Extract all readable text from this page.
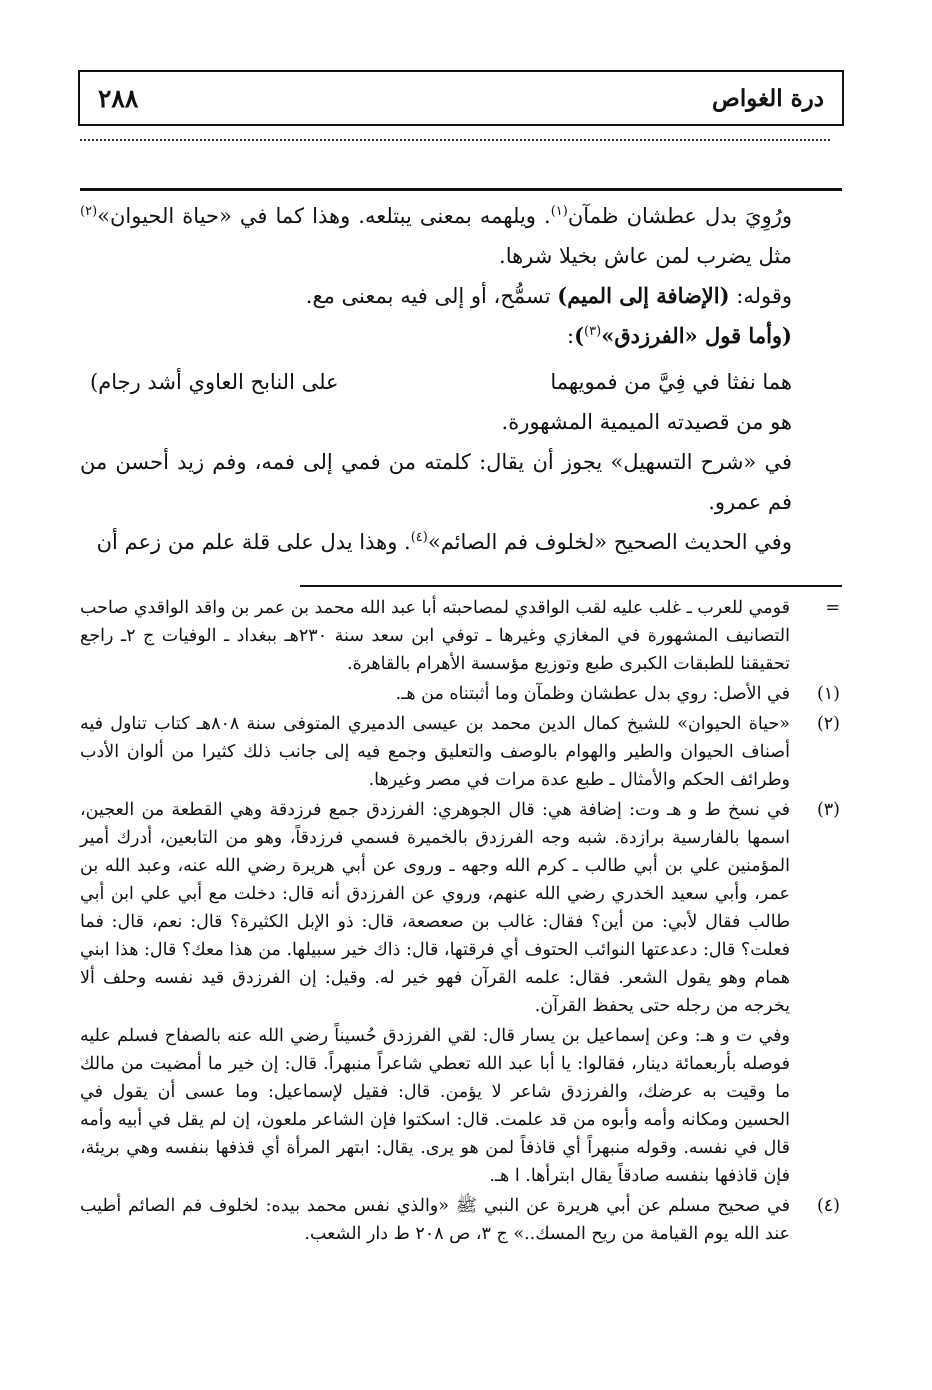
٢٨٨	درة الغواص

ورُوِيَ بدل عطشان ظمآن$^{(١)}$. ويلهمه بمعنى يبتلعه. وهذا كما في «حياة الحيوان»$^{(٢)}$ مثل يضرب لمن عاش بخيلا شرها.

وقوله: (الإضافة إلى الميم) تسمُّح، أو إلى فيه بمعنى مع.

(وأما قول «الفرزدق»$^{(٣)}$):

هما نفثا في فِيَّ من فمويهما
على النابح العاوي أشد رجام)

هو من قصيدته الميمية المشهورة.

في «شرح التسهيل» يجوز أن يقال: كلمته من فمي إلى فمه، وفم زيد أحسن من فم عمرو.

وفي الحديث الصحيح «لخلوف فم الصائم»$^{(٤)}$. وهذا يدل على قلة علم من زعم أن

=
قومي للعرب ـ غلب عليه لقب الواقدي لمصاحبته أبا عبد الله محمد بن عمر بن واقد الواقدي صاحب التصانيف المشهورة في المغازي وغيرها ـ توفي ابن سعد سنة ٢٣٠هـ ببغداد ـ الوفيات ج ٢ـ راجع تحقيقنا للطبقات الكبرى طبع وتوزيع مؤسسة الأهرام بالقاهرة.
(١)
في الأصل: روي بدل عطشان وظمآن وما أثبتناه من هـ.
(٢)
«حياة الحيوان» للشيخ كمال الدين محمد بن عيسى الدميري المتوفى سنة ٨٠٨هـ كتاب تناول فيه أصناف الحيوان والطير والهوام بالوصف والتعليق وجمع فيه إلى جانب ذلك كثيرا من ألوان الأدب وطرائف الحكم والأمثال ـ طبع عدة مرات في مصر وغيرها.
(٣)
في نسخ ط و هـ وت: إضافة هي: قال الجوهري: الفرزدق جمع فرزدقة وهي القطعة من العجين، اسمها بالفارسية برازدة. شبه وجه الفرزدق بالخميرة فسمي فرزدقاً، وهو من التابعين، أدرك أمير المؤمنين علي بن أبي طالب ـ كرم الله وجهه ـ وروى عن أبي هريرة رضي الله عنه، وعبد الله بن عمر، وأبي سعيد الخدري رضي الله عنهم، وروي عن الفرزدق أنه قال: دخلت مع أبي علي ابن أبي طالب فقال لأبي: من أين؟ فقال: غالب بن صعصعة، قال: ذو الإبل الكثيرة؟ قال: نعم، قال: فما فعلت؟ قال: دعدعتها النوائب الحتوف أي فرقتها، قال: ذاك خير سبيلها. من هذا معك؟ قال: هذا ابني همام وهو يقول الشعر. فقال: علمه القرآن فهو خير له. وقيل: إن الفرزدق قيد نفسه وحلف ألا يخرجه من رجله حتى يحفظ القرآن.
وفي ت و هـ: وعن إسماعيل بن يسار قال: لقي الفرزدق حُسيناً رضي الله عنه بالصفاح فسلم عليه فوصله بأربعمائة دينار، فقالوا: يا أبا عبد الله تعطي شاعراً منبهراً. قال: إن خير ما أمضيت من مالك ما وقيت به عرضك، والفرزدق شاعر لا يؤمن. قال: فقيل لإسماعيل: وما عسى أن يقول في الحسين ومكانه وأمه وأبوه من قد علمت. قال: اسكتوا فإن الشاعر ملعون، إن لم يقل في أبيه وأمه قال في نفسه. وقوله منبهراً أي قاذفاً لمن هو يرى. يقال: ابتهر المرأة أي قذفها بنفسه وهي بريئة، فإن قاذفها بنفسه صادقاً يقال ابترأها. ا هـ.
(٤)
في صحيح مسلم عن أبي هريرة عن النبي ﷺ «والذي نفس محمد بيده: لخلوف فم الصائم أطيب عند الله يوم القيامة من ريح المسك..» ج ٣، ص ٢٠٨ ط دار الشعب.
